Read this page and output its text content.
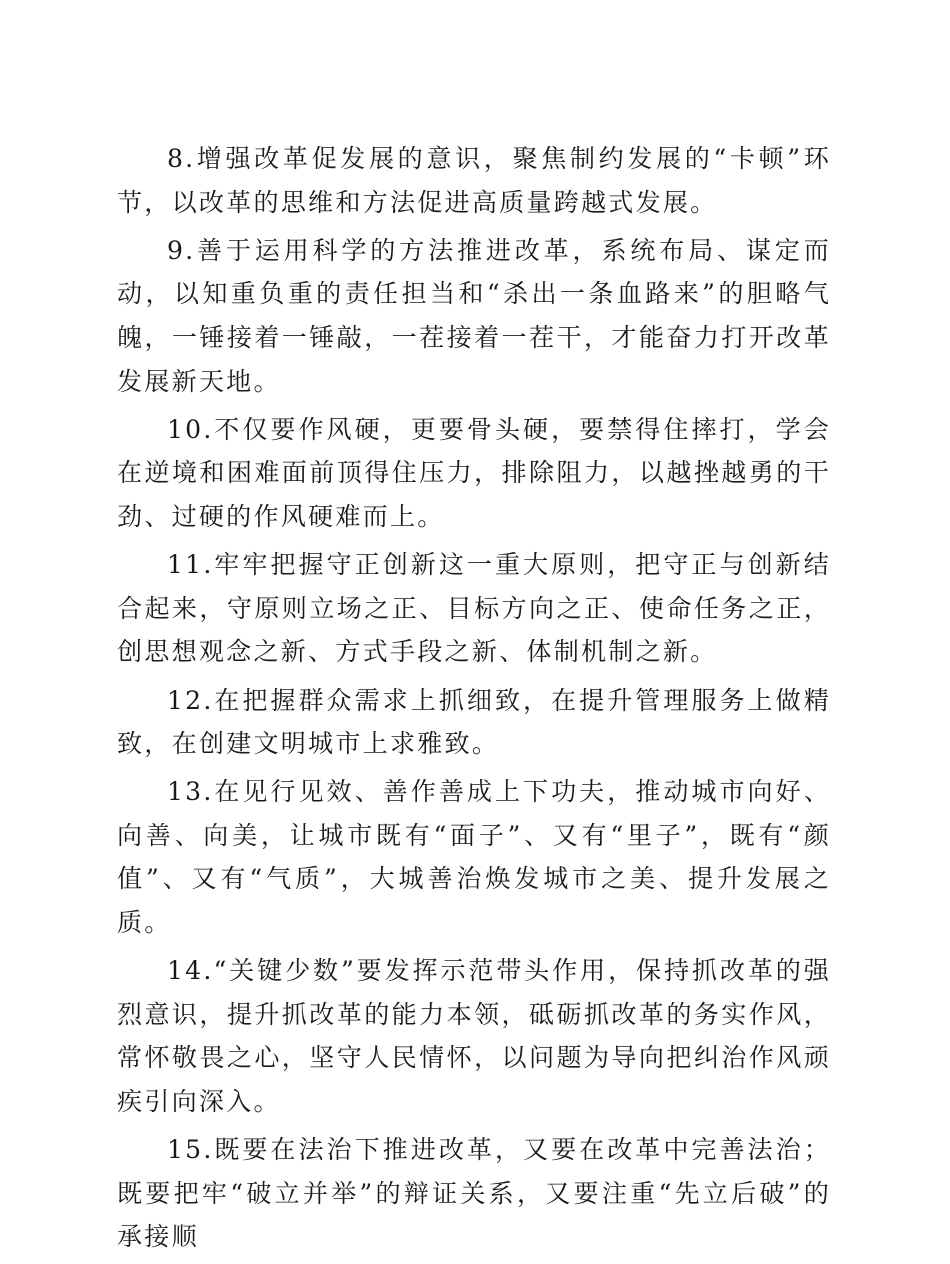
8.增强改革促发展的意识，聚焦制约发展的“卡顿”环节，以改革的思维和方法促进高质量跨越式发展。

9.善于运用科学的方法推进改革，系统布局、谋定而动，以知重负重的责任担当和“杀出一条血路来”的胆略气魄，一锤接着一锤敲，一茬接着一茬干，才能奋力打开改革发展新天地。

10.不仅要作风硬，更要骨头硬，要禁得住摔打，学会在逆境和困难面前顶得住压力，排除阻力，以越挫越勇的干劲、过硬的作风硬难而上。

11.牢牢把握守正创新这一重大原则，把守正与创新结合起来，守原则立场之正、目标方向之正、使命任务之正，创思想观念之新、方式手段之新、体制机制之新。

12.在把握群众需求上抓细致，在提升管理服务上做精致，在创建文明城市上求雅致。

13.在见行见效、善作善成上下功夫，推动城市向好、向善、向美，让城市既有“面子”、又有“里子”，既有“颜值”、又有“气质”，大城善治焕发城市之美、提升发展之质。

14.“关键少数”要发挥示范带头作用，保持抓改革的强烈意识，提升抓改革的能力本领，砥砺抓改革的务实作风，常怀敬畏之心，坚守人民情怀，以问题为导向把纠治作风顽疾引向深入。

15.既要在法治下推进改革，又要在改革中完善法治；既要把牢“破立并举”的辩证关系，又要注重“先立后破”的承接顺
